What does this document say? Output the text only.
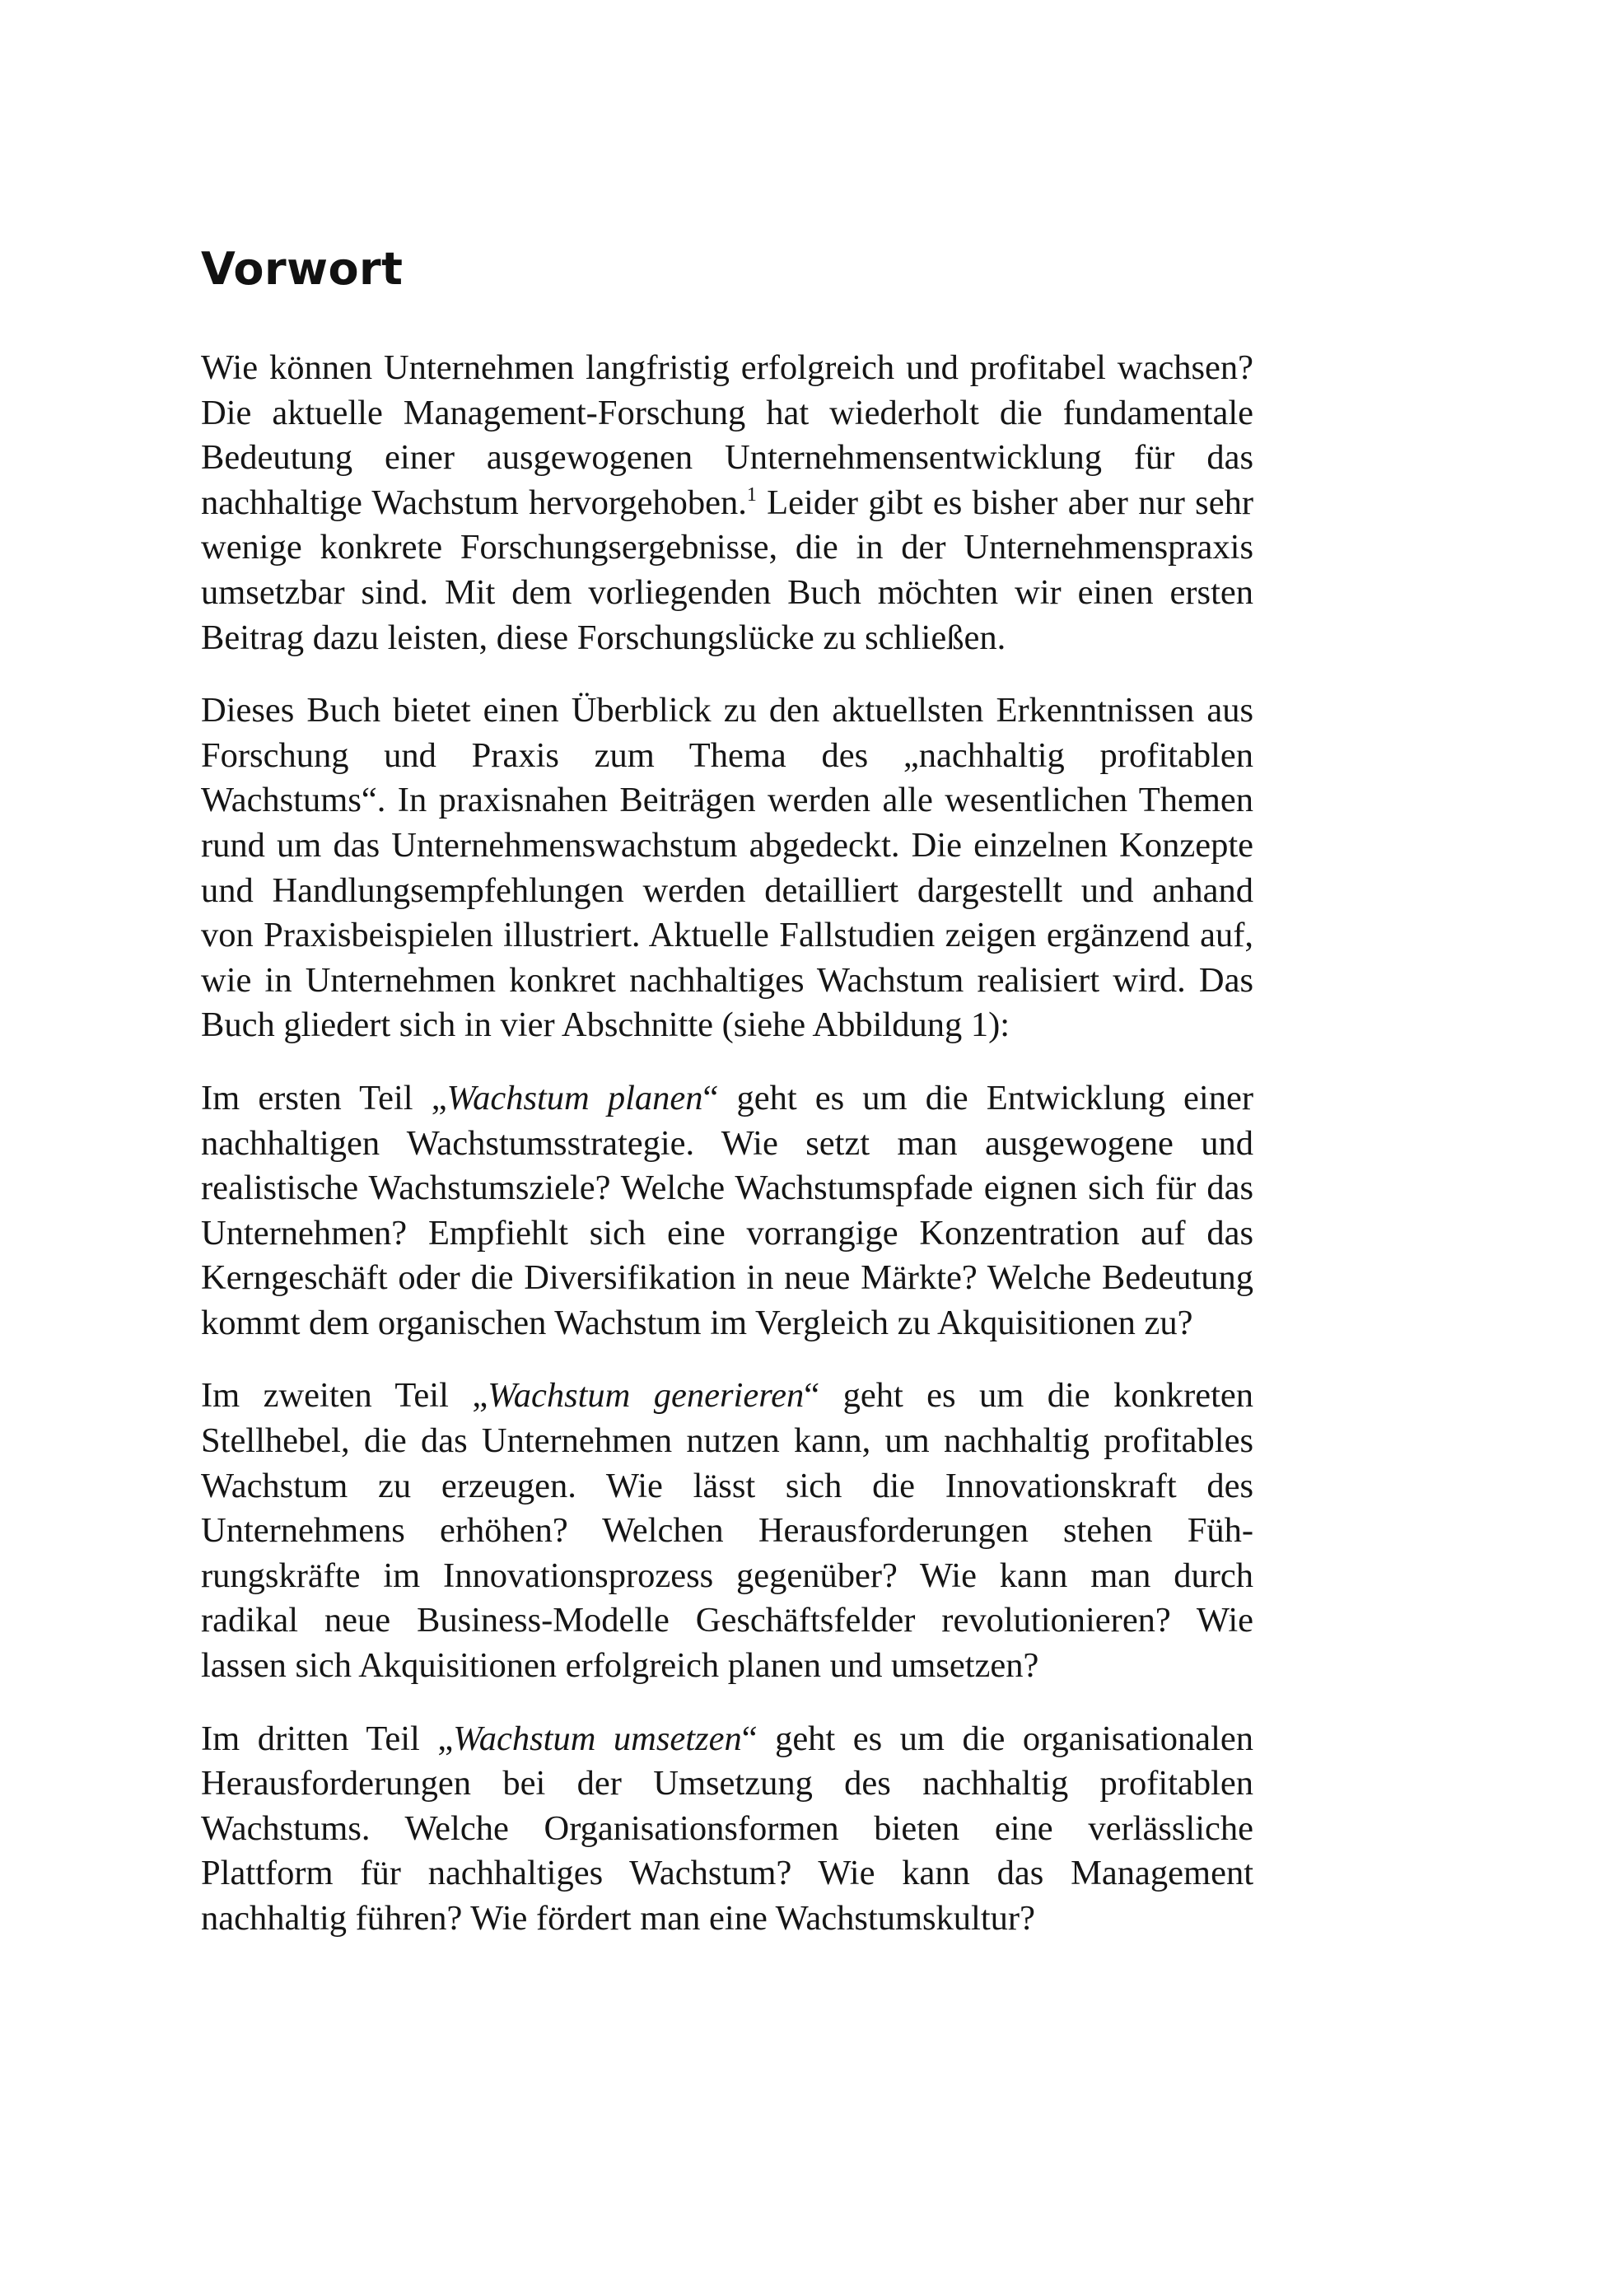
Vorwort

Wie können Unternehmen langfristig erfolgreich und profitabel wachsen? Die aktuelle Management-Forschung hat wiederholt die fundamentale Bedeutung einer ausgewogenen Unternehmensentwicklung für das nachhaltige Wachstum hervorgehoben.$^1$ Leider gibt es bisher aber nur sehr wenige konkrete Forschungsergebnisse, die in der Unternehmenspraxis umsetzbar sind. Mit dem vorliegenden Buch möchten wir einen ersten Beitrag dazu leisten, diese Forschungslücke zu schließen.

Dieses Buch bietet einen Überblick zu den aktuellsten Erkenntnissen aus Forschung und Praxis zum Thema des „nachhaltig profitablen Wachstums“. In praxisnahen Beiträgen werden alle wesentlichen Themen rund um das Unternehmenswachstum abgedeckt. Die einzelnen Konzepte und Handlungsempfehlungen werden detailliert dargestellt und anhand von Praxisbeispielen illustriert. Aktuelle Fallstudien zeigen ergänzend auf, wie in Unternehmen konkret nachhaltiges Wachstum realisiert wird. Das Buch gliedert sich in vier Abschnitte (siehe Abbildung 1):

Im ersten Teil „Wachstum planen“ geht es um die Entwicklung einer nachhaltigen Wachstumsstrategie. Wie setzt man ausgewogene und realistische Wachstumsziele? Welche Wachstumspfade eignen sich für das Unternehmen? Empfiehlt sich eine vorrangige Konzentration auf das Kerngeschäft oder die Diversifikation in neue Märkte? Welche Bedeutung kommt dem organischen Wachstum im Vergleich zu Akquisitionen zu?

Im zweiten Teil „Wachstum generieren“ geht es um die konkreten Stellhebel, die das Unternehmen nutzen kann, um nachhaltig profitables Wachstum zu erzeugen. Wie lässt sich die Innovationskraft des Unternehmens erhöhen? Welchen Herausforderungen stehen Führungskräfte im Innovationsprozess gegenüber? Wie kann man durch radikal neue Business-Modelle Geschäftsfelder revolutionieren? Wie lassen sich Akquisitionen erfolgreich planen und umsetzen?

Im dritten Teil „Wachstum umsetzen“ geht es um die organisationalen Herausforderungen bei der Umsetzung des nachhaltig profitablen Wachstums. Welche Organisationsformen bieten eine verlässliche Plattform für nachhaltiges Wachstum? Wie kann das Management nachhaltig führen? Wie fördert man eine Wachstumskultur?
